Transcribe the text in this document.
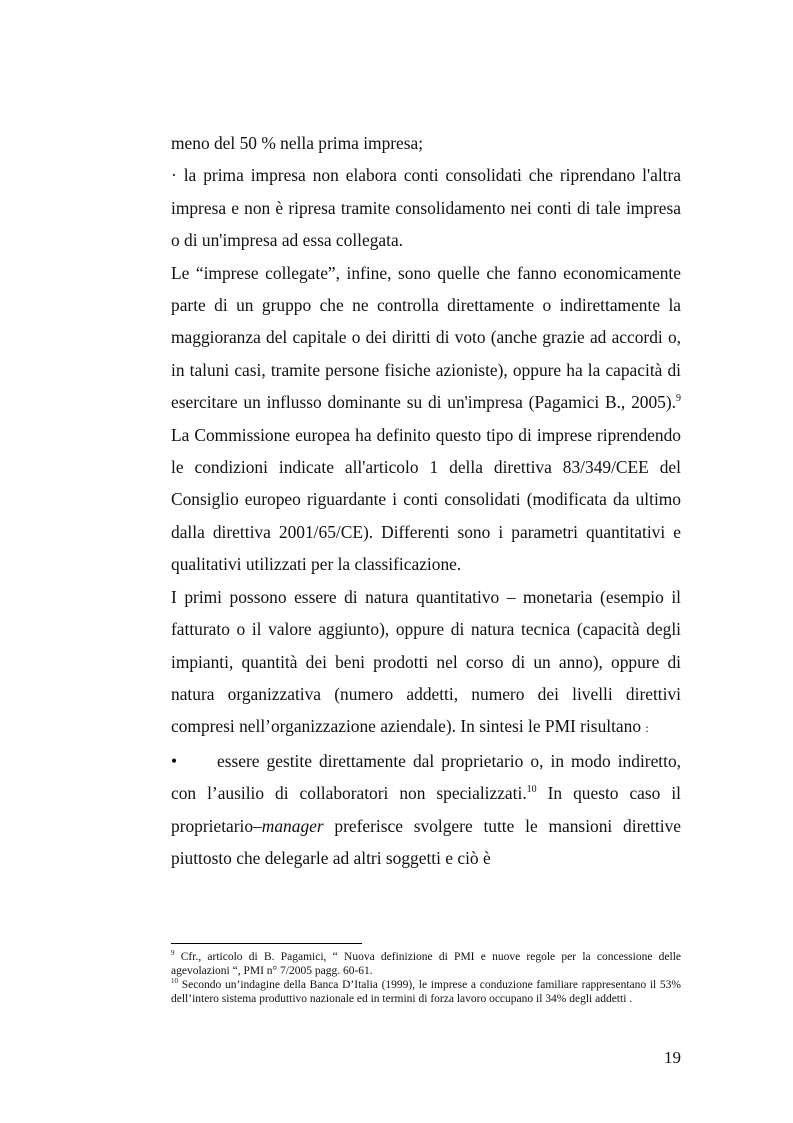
meno del 50 % nella prima impresa;

· la prima impresa non elabora conti consolidati che riprendano l'altra impresa e non è ripresa tramite consolidamento nei conti di tale impresa o di un'impresa ad essa collegata.

Le “imprese collegate”, infine, sono quelle che fanno economicamente parte di un gruppo che ne controlla direttamente o indirettamente la maggioranza del capitale o dei diritti di voto (anche grazie ad accordi o, in taluni casi, tramite persone fisiche azioniste), oppure ha la capacità di esercitare un influsso dominante su di un'impresa (Pagamici B., 2005).$^9$ La Commissione europea ha definito questo tipo di imprese riprendendo le condizioni indicate all'articolo 1 della direttiva 83/349/CEE del Consiglio europeo riguardante i conti consolidati (modificata da ultimo dalla direttiva 2001/65/CE). Differenti sono i parametri quantitativi e qualitativi utilizzati per la classificazione.

I primi possono essere di natura quantitativo – monetaria (esempio il fatturato o il valore aggiunto), oppure di natura tecnica (capacità degli impianti, quantità dei beni prodotti nel corso di un anno), oppure di natura organizzativa (numero addetti, numero dei livelli direttivi compresi nell’organizzazione aziendale). In sintesi le PMI risultano :

• essere gestite direttamente dal proprietario o, in modo indiretto, con l’ausilio di collaboratori non specializzati.$^{10}$ In questo caso il proprietario–manager preferisce svolgere tutte le mansioni direttive piuttosto che delegarle ad altri soggetti e ciò è

$^9$ Cfr., articolo di B. Pagamici, “ Nuova definizione di PMI e nuove regole per la concessione delle agevolazioni “, PMI n° 7/2005 pagg. 60-61.

$^{10}$ Secondo un’indagine della Banca D’Italia (1999), le imprese a conduzione familiare rappresentano il 53% dell’intero sistema produttivo nazionale ed in termini di forza lavoro occupano il 34% degli addetti .

19
